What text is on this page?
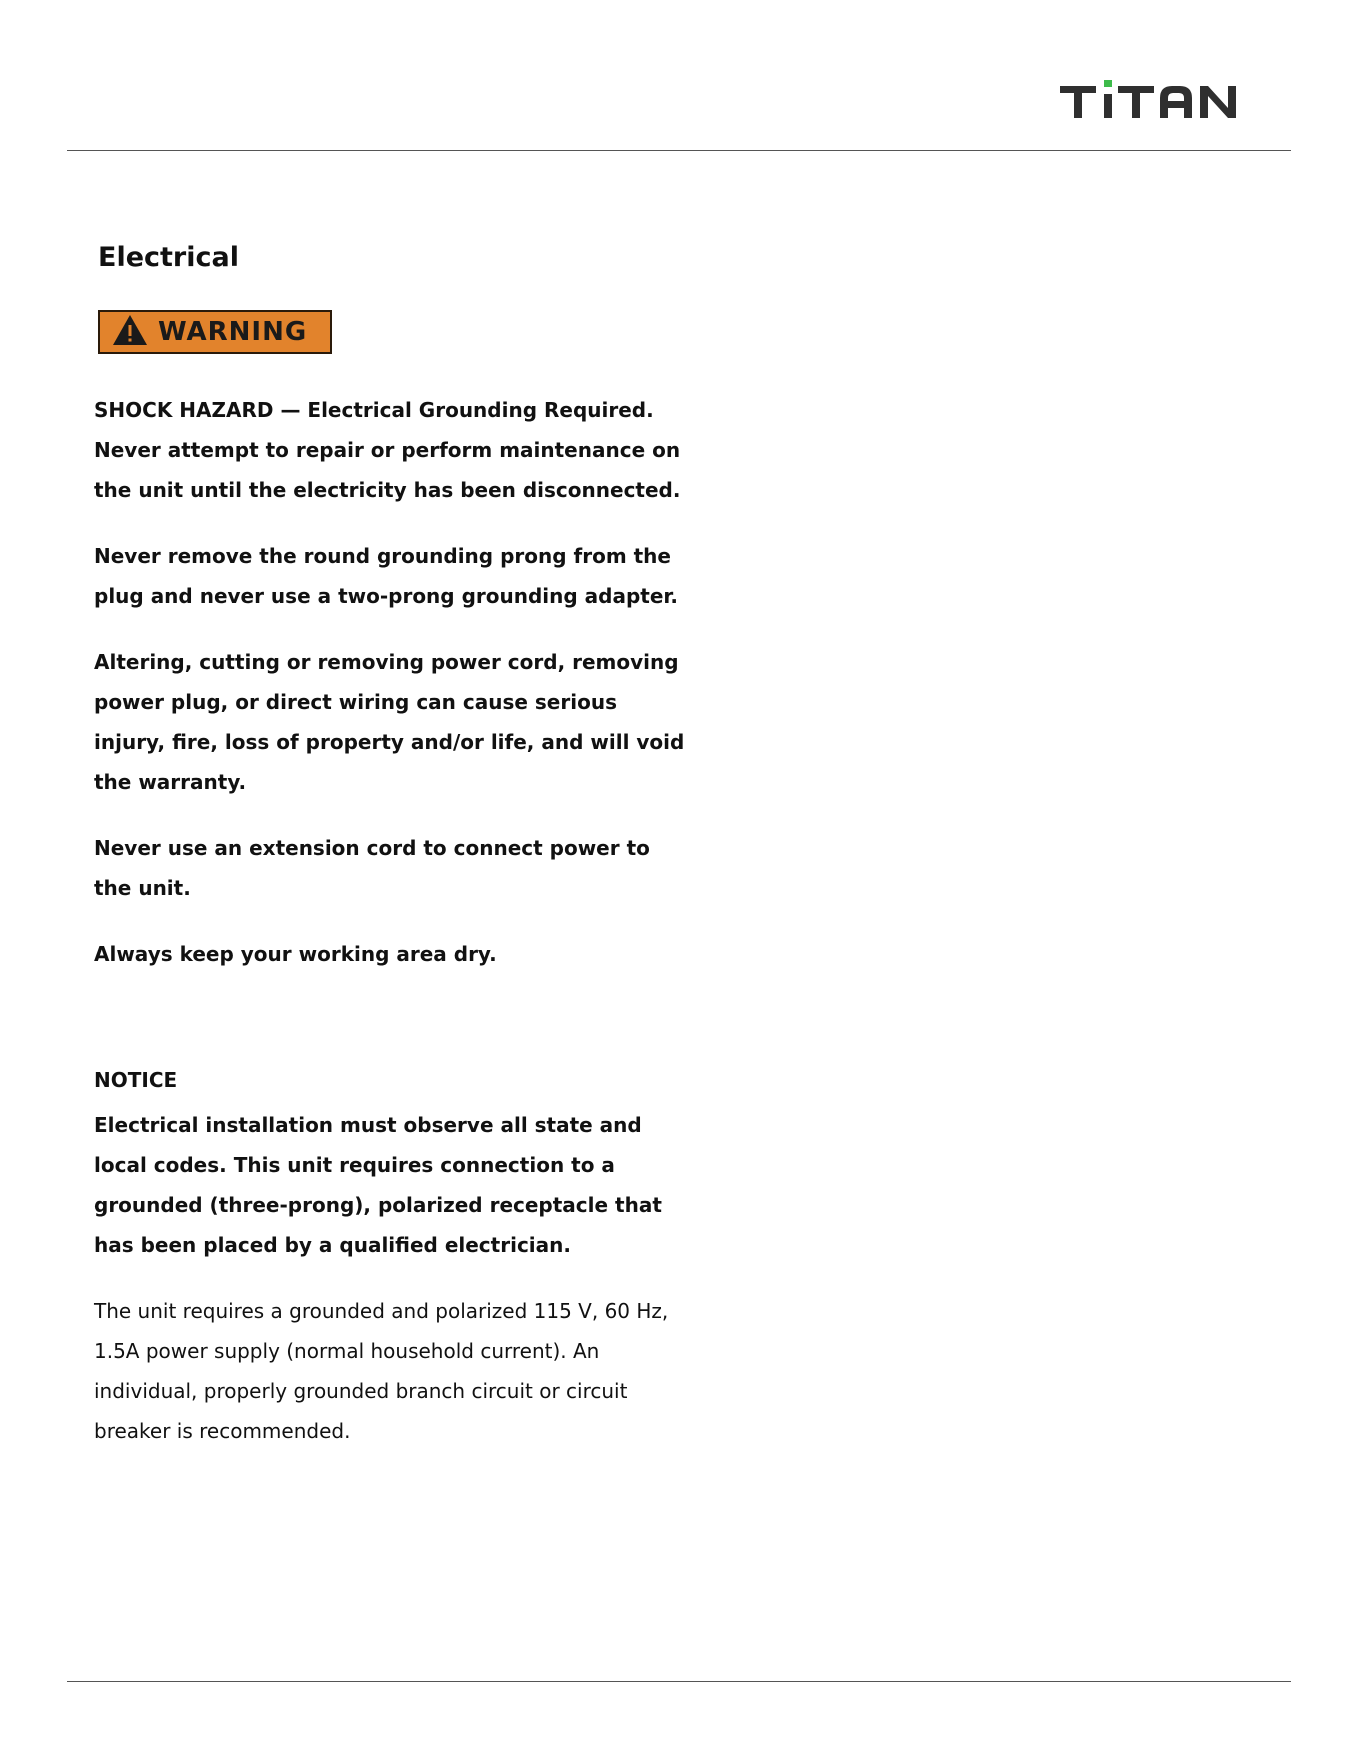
Electrical
WARNING

SHOCK HAZARD — Electrical Grounding Required. Never attempt to repair or perform maintenance on the unit until the electricity has been disconnected.

Never remove the round grounding prong from the plug and never use a two-prong grounding adapter.

Altering, cutting or removing power cord, removing power plug, or direct wiring can cause serious injury, fire, loss of property and/or life, and will void the warranty.

Never use an extension cord to connect power to the unit.

Always keep your working area dry.

NOTICE

Electrical installation must observe all state and local codes. This unit requires connection to a grounded (three-prong), polarized receptacle that has been placed by a qualified electrician.

The unit requires a grounded and polarized 115 V, 60 Hz, 1.5A power supply (normal household current). An individual, properly grounded branch circuit or circuit breaker is recommended.
